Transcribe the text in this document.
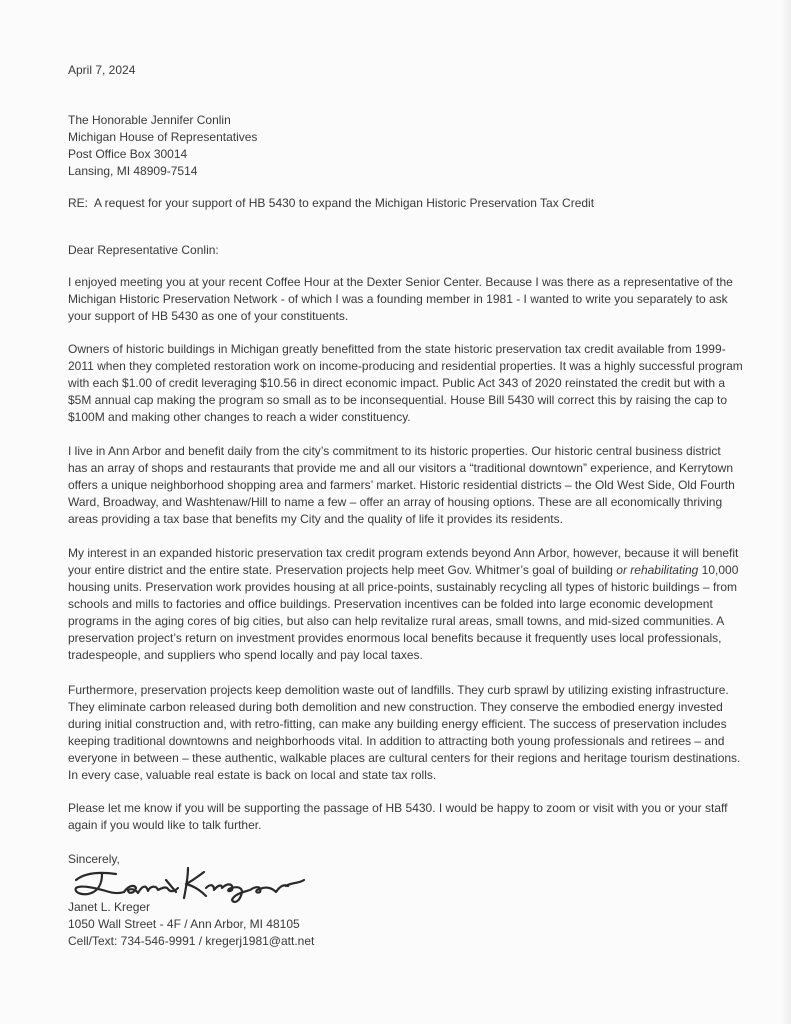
April 7, 2024
The Honorable Jennifer Conlin
Michigan House of Representatives
Post Office Box 30014
Lansing, MI 48909-7514
RE:  A request for your support of HB 5430 to expand the Michigan Historic Preservation Tax Credit
Dear Representative Conlin:
I enjoyed meeting you at your recent Coffee Hour at the Dexter Senior Center. Because I was there as a representative of the
Michigan Historic Preservation Network - of which I was a founding member in 1981 - I wanted to write you separately to ask
your support of HB 5430 as one of your constituents.
Owners of historic buildings in Michigan greatly benefitted from the state historic preservation tax credit available from 1999-
2011 when they completed restoration work on income-producing and residential properties. It was a highly successful program
with each $1.00 of credit leveraging $10.56 in direct economic impact. Public Act 343 of 2020 reinstated the credit but with a
$5M annual cap making the program so small as to be inconsequential. House Bill 5430 will correct this by raising the cap to
$100M and making other changes to reach a wider constituency.
I live in Ann Arbor and benefit daily from the city’s commitment to its historic properties. Our historic central business district
has an array of shops and restaurants that provide me and all our visitors a “traditional downtown” experience, and Kerrytown
offers a unique neighborhood shopping area and farmers’ market. Historic residential districts – the Old West Side, Old Fourth
Ward, Broadway, and Washtenaw/Hill to name a few – offer an array of housing options. These are all economically thriving
areas providing a tax base that benefits my City and the quality of life it provides its residents.
My interest in an expanded historic preservation tax credit program extends beyond Ann Arbor, however, because it will benefit
your entire district and the entire state. Preservation projects help meet Gov. Whitmer’s goal of building or rehabilitating 10,000
housing units. Preservation work provides housing at all price-points, sustainably recycling all types of historic buildings – from
schools and mills to factories and office buildings. Preservation incentives can be folded into large economic development
programs in the aging cores of big cities, but also can help revitalize rural areas, small towns, and mid-sized communities. A
preservation project’s return on investment provides enormous local benefits because it frequently uses local professionals,
tradespeople, and suppliers who spend locally and pay local taxes.
Furthermore, preservation projects keep demolition waste out of landfills. They curb sprawl by utilizing existing infrastructure.
They eliminate carbon released during both demolition and new construction. They conserve the embodied energy invested
during initial construction and, with retro-fitting, can make any building energy efficient. The success of preservation includes
keeping traditional downtowns and neighborhoods vital. In addition to attracting both young professionals and retirees – and
everyone in between – these authentic, walkable places are cultural centers for their regions and heritage tourism destinations.
In every case, valuable real estate is back on local and state tax rolls.
Please let me know if you will be supporting the passage of HB 5430. I would be happy to zoom or visit with you or your staff
again if you would like to talk further.
Sincerely,
Janet L. Kreger
1050 Wall Street - 4F / Ann Arbor, MI 48105
Cell/Text: 734-546-9991 / kregerj1981@att.net
